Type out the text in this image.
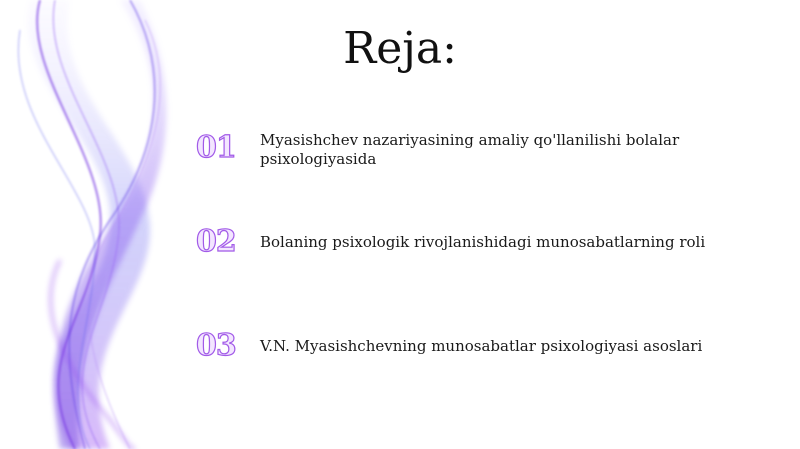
Reja:
01	Myasishchev nazariyasining amaliy qo'llanilishi bolalar psixologiyasida
02	Bolaning psixologik rivojlanishidagi munosabatlarning roli
03	V.N. Myasishchevning munosabatlar psixologiyasi asoslari
